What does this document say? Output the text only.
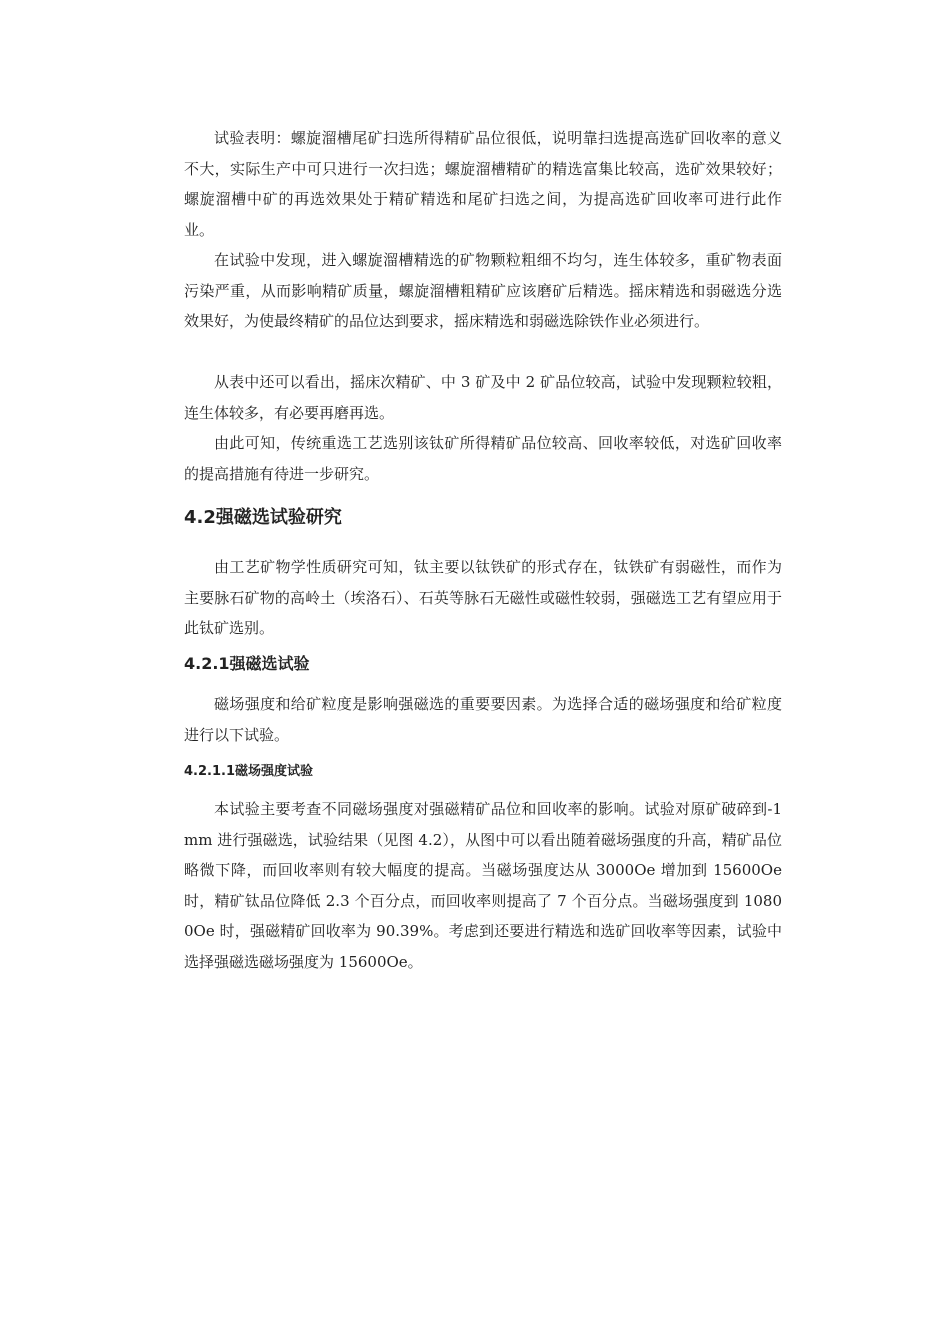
试验表明：螺旋溜槽尾矿扫选所得精矿品位很低，说明靠扫选提高选矿回收率的意义不大，实际生产中可只进行一次扫选；螺旋溜槽精矿的精选富集比较高，选矿效果较好；螺旋溜槽中矿的再选效果处于精矿精选和尾矿扫选之间，为提高选矿回收率可进行此作业。

在试验中发现，进入螺旋溜槽精选的矿物颗粒粗细不均匀，连生体较多，重矿物表面污染严重，从而影响精矿质量，螺旋溜槽粗精矿应该磨矿后精选。摇床精选和弱磁选分选效果好，为使最终精矿的品位达到要求，摇床精选和弱磁选除铁作业必须进行。

从表中还可以看出，摇床次精矿、中 3 矿及中 2 矿品位较高，试验中发现颗粒较粗，连生体较多，有必要再磨再选。

由此可知，传统重选工艺选别该钛矿所得精矿品位较高、回收率较低，对选矿回收率的提高措施有待进一步研究。

4.2强磁选试验研究

由工艺矿物学性质研究可知，钛主要以钛铁矿的形式存在，钛铁矿有弱磁性，而作为主要脉石矿物的高岭土（埃洛石）、石英等脉石无磁性或磁性较弱，强磁选工艺有望应用于此钛矿选别。

4.2.1强磁选试验

磁场强度和给矿粒度是影响强磁选的重要要因素。为选择合适的磁场强度和给矿粒度进行以下试验。

4.2.1.1磁场强度试验

本试验主要考查不同磁场强度对强磁精矿品位和回收率的影响。试验对原矿破碎到-1mm 进行强磁选，试验结果（见图 4.2），从图中可以看出随着磁场强度的升高，精矿品位略微下降，而回收率则有较大幅度的提高。当磁场强度达从 3000Oe 增加到 15600Oe 时，精矿钛品位降低 2.3 个百分点，而回收率则提高了 7 个百分点。当磁场强度到 10800Oe 时，强磁精矿回收率为 90.39%。考虑到还要进行精选和选矿回收率等因素，试验中选择强磁选磁场强度为 15600Oe。
